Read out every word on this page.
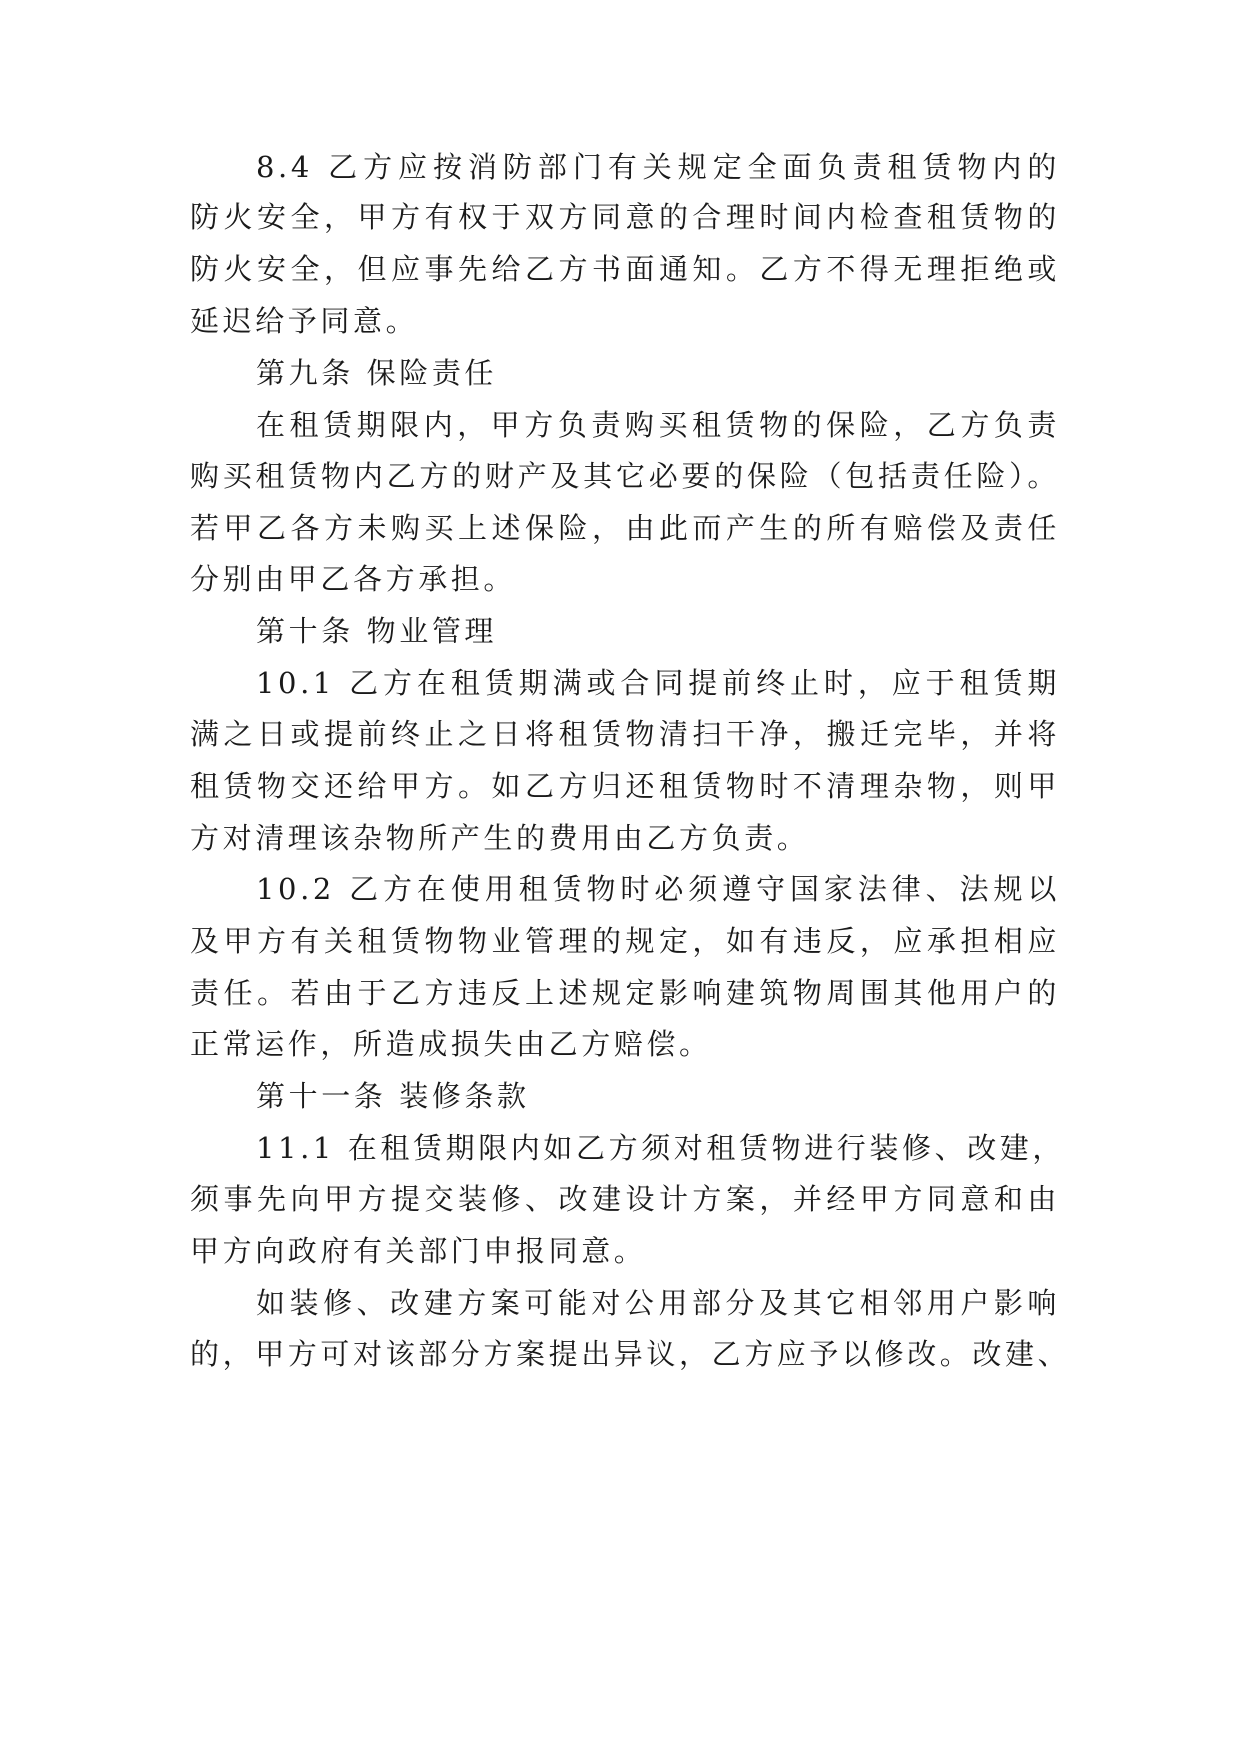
8.4 乙方应按消防部门有关规定全面负责租赁物内的
防火安全，甲方有权于双方同意的合理时间内检查租赁物的
防火安全，但应事先给乙方书面通知。乙方不得无理拒绝或
延迟给予同意。
第九条 保险责任
在租赁期限内，甲方负责购买租赁物的保险，乙方负责
购买租赁物内乙方的财产及其它必要的保险（包括责任险）。
若甲乙各方未购买上述保险，由此而产生的所有赔偿及责任
分别由甲乙各方承担。
第十条 物业管理
10.1 乙方在租赁期满或合同提前终止时，应于租赁期
满之日或提前终止之日将租赁物清扫干净，搬迁完毕，并将
租赁物交还给甲方。如乙方归还租赁物时不清理杂物，则甲
方对清理该杂物所产生的费用由乙方负责。
10.2 乙方在使用租赁物时必须遵守国家法律、法规以
及甲方有关租赁物物业管理的规定，如有违反，应承担相应
责任。若由于乙方违反上述规定影响建筑物周围其他用户的
正常运作，所造成损失由乙方赔偿。
第十一条 装修条款
11.1 在租赁期限内如乙方须对租赁物进行装修、改建，
须事先向甲方提交装修、改建设计方案，并经甲方同意和由
甲方向政府有关部门申报同意。
如装修、改建方案可能对公用部分及其它相邻用户影响
的，甲方可对该部分方案提出异议，乙方应予以修改。改建、
